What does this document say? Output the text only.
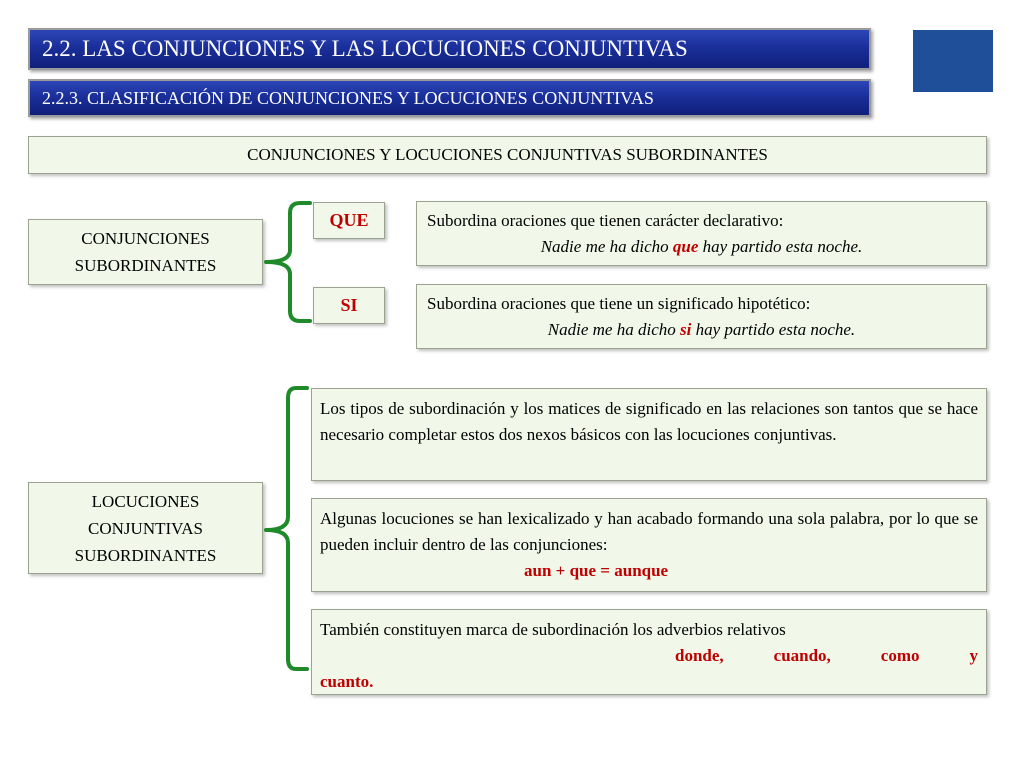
2.2. LAS CONJUNCIONES Y LAS LOCUCIONES CONJUNTIVAS
2.2.3. CLASIFICACIÓN DE CONJUNCIONES Y LOCUCIONES CONJUNTIVAS
CONJUNCIONES Y LOCUCIONES CONJUNTIVAS SUBORDINANTES
CONJUNCIONES
SUBORDINANTES
QUE
SI
Subordina oraciones que tienen carácter declarativo:
Nadie me ha dicho que hay partido esta noche.
Subordina oraciones que tiene un significado hipotético:
Nadie me ha dicho si hay partido esta noche.
LOCUCIONES
CONJUNTIVAS
SUBORDINANTES
Los tipos de subordinación y los matices de significado en las relaciones son tantos que se hace necesario completar estos dos nexos básicos con las locuciones conjuntivas.
Algunas locuciones se han lexicalizado y han acabado formando una sola palabra, por lo que se pueden incluir dentro de las conjunciones:
aun + que = aunque
También constituyen marca de subordinación los adverbios relativos
donde, cuando, como y
cuanto.
